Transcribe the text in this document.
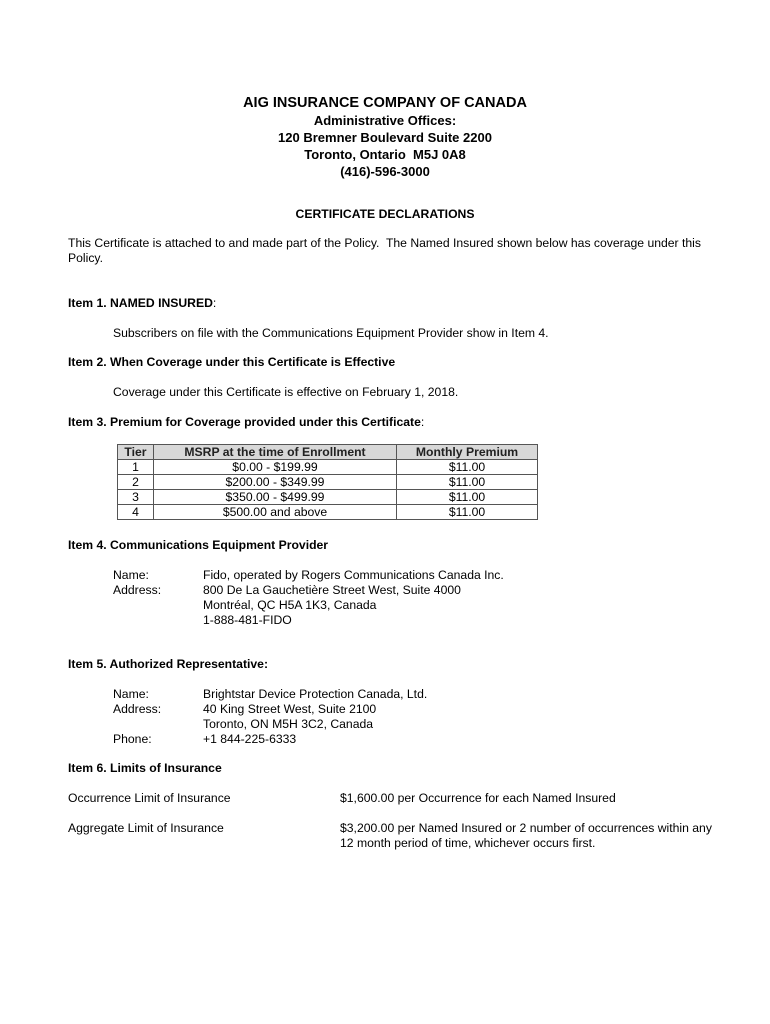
AIG INSURANCE COMPANY OF CANADA
Administrative Offices:
120 Bremner Boulevard Suite 2200
Toronto, Ontario  M5J 0A8
(416)-596-3000
CERTIFICATE DECLARATIONS
This Certificate is attached to and made part of the Policy.  The Named Insured shown below has coverage under this Policy.
Item 1. NAMED INSURED:
Subscribers on file with the Communications Equipment Provider show in Item 4.
Item 2. When Coverage under this Certificate is Effective
Coverage under this Certificate is effective on February 1, 2018.
Item 3. Premium for Coverage provided under this Certificate:
Tier	MSRP at the time of Enrollment	Monthly Premium
1	$0.00 - $199.99	$11.00
2	$200.00 - $349.99	$11.00
3	$350.00 - $499.99	$11.00
4	$500.00 and above	$11.00
Item 4. Communications Equipment Provider
Name:	Fido, operated by Rogers Communications Canada Inc.
Address:	800 De La Gauchetière Street West, Suite 4000
Montréal, QC H5A 1K3, Canada
1-888-481-FIDO
Item 5. Authorized Representative:
Name:	Brightstar Device Protection Canada, Ltd.
Address:	40 King Street West, Suite 2100
Toronto, ON M5H 3C2, Canada
Phone:	+1 844-225-6333
Item 6. Limits of Insurance
Occurrence Limit of Insurance	$1,600.00 per Occurrence for each Named Insured
Aggregate Limit of Insurance	$3,200.00 per Named Insured or 2 number of occurrences within any 12 month period of time, whichever occurs first.
